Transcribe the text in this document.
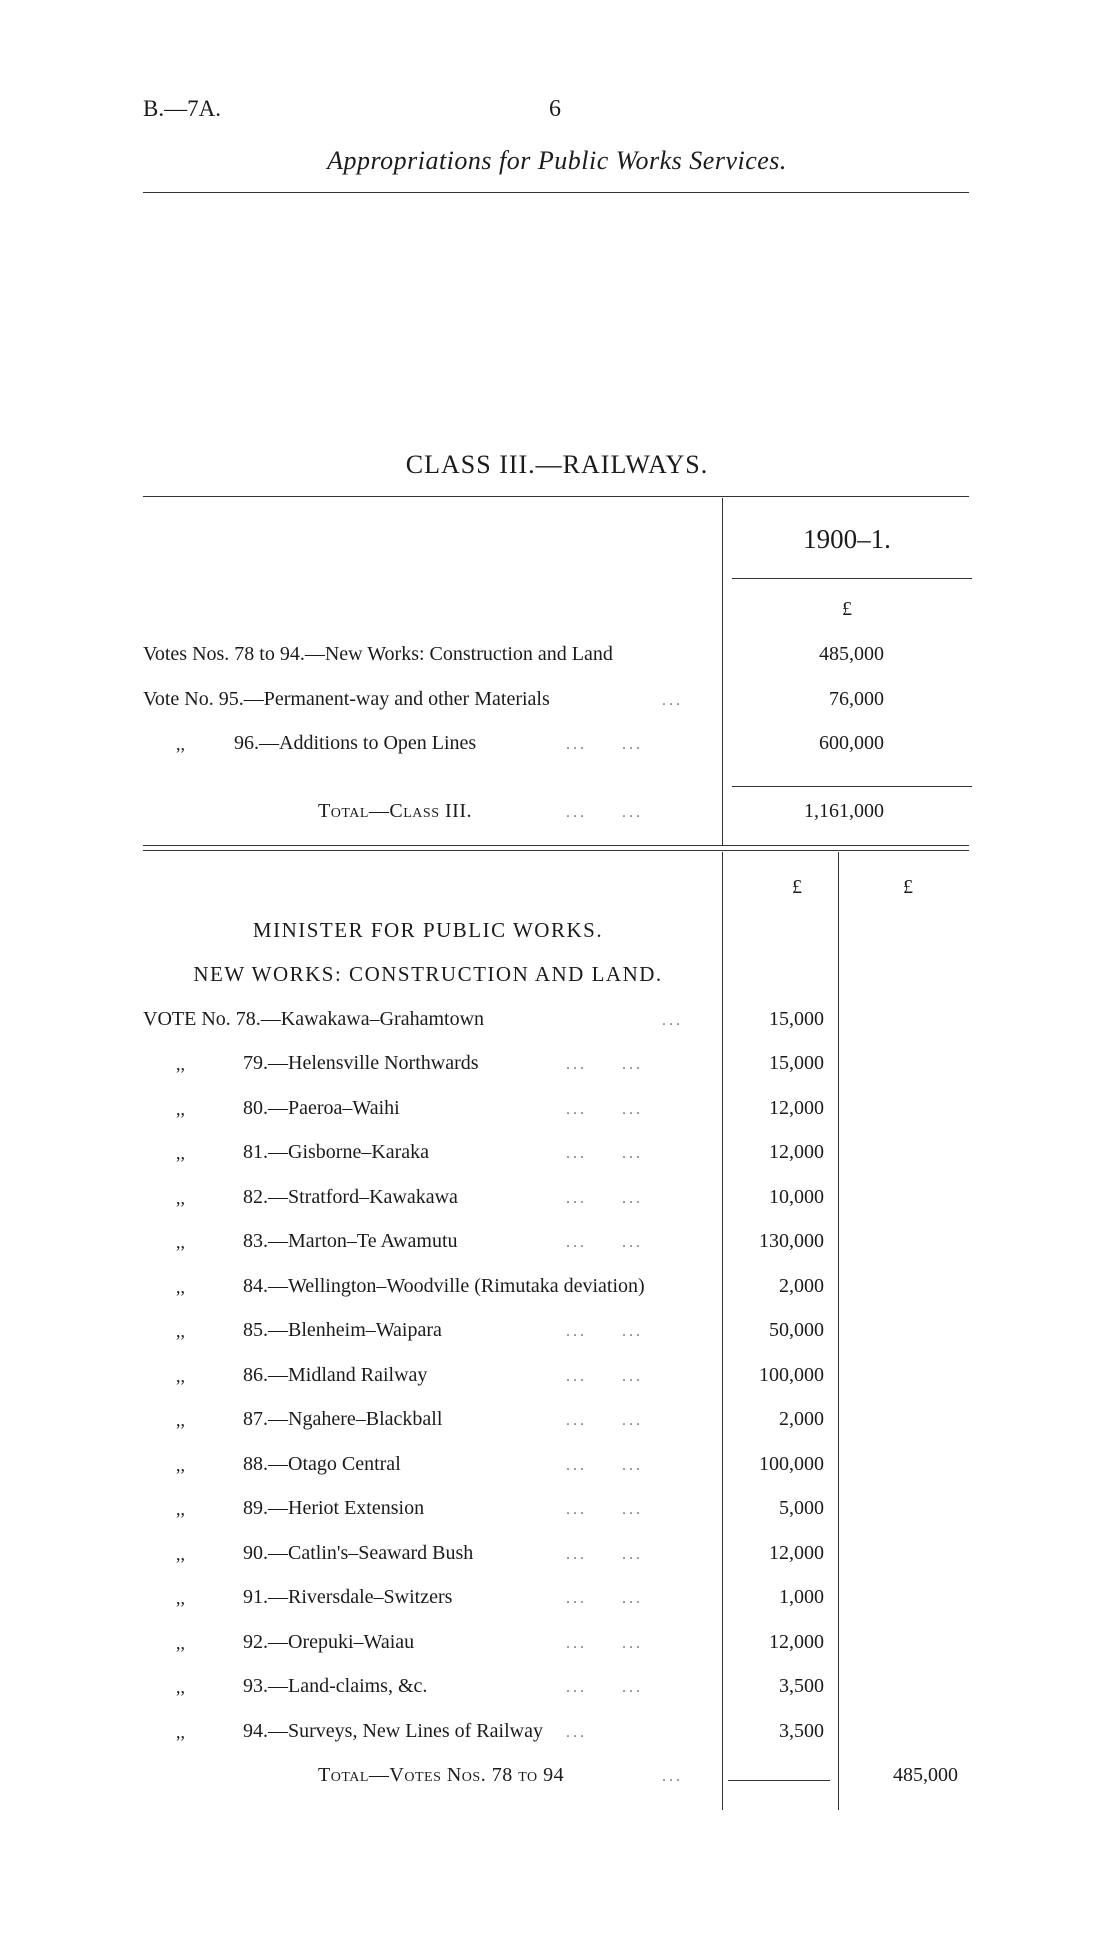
B.—7A.	6
Appropriations for Public Works Services.
CLASS III.—RAILWAYS.
1900–1.
£
Votes Nos. 78 to 94.—New Works: Construction and Land	485,000
Vote No. 95.—Permanent-way and other Materials	...	76,000
,, 96.—Additions to Open Lines	...     ...	600,000
Total—Class III.	...     ...	1,161,000
£	£
MINISTER FOR PUBLIC WORKS.
NEW WORKS: CONSTRUCTION AND LAND.
VOTE No. 78.—Kawakawa–Grahamtown	...	15,000
,,	79.—Helensville Northwards	...     ...	15,000
,,	80.—Paeroa–Waihi	...     ...	12,000
,,	81.—Gisborne–Karaka	...     ...	12,000
,,	82.—Stratford–Kawakawa	...     ...	10,000
,,	83.—Marton–Te Awamutu	...     ...	130,000
,,	84.—Wellington–Woodville (Rimutaka deviation)	2,000
,,	85.—Blenheim–Waipara	...     ...	50,000
,,	86.—Midland Railway	...     ...	100,000
,,	87.—Ngahere–Blackball	...     ...	2,000
,,	88.—Otago Central	...     ...	100,000
,,	89.—Heriot Extension	...     ...	5,000
,,	90.—Catlin's–Seaward Bush	...     ...	12,000
,,	91.—Riversdale–Switzers	...     ...	1,000
,,	92.—Orepuki–Waiau	...     ...	12,000
,,	93.—Land-claims, &c.	...     ...	3,500
,,	94.—Surveys, New Lines of Railway ...	3,500
Total—Votes Nos. 78 to 94	...	485,000
